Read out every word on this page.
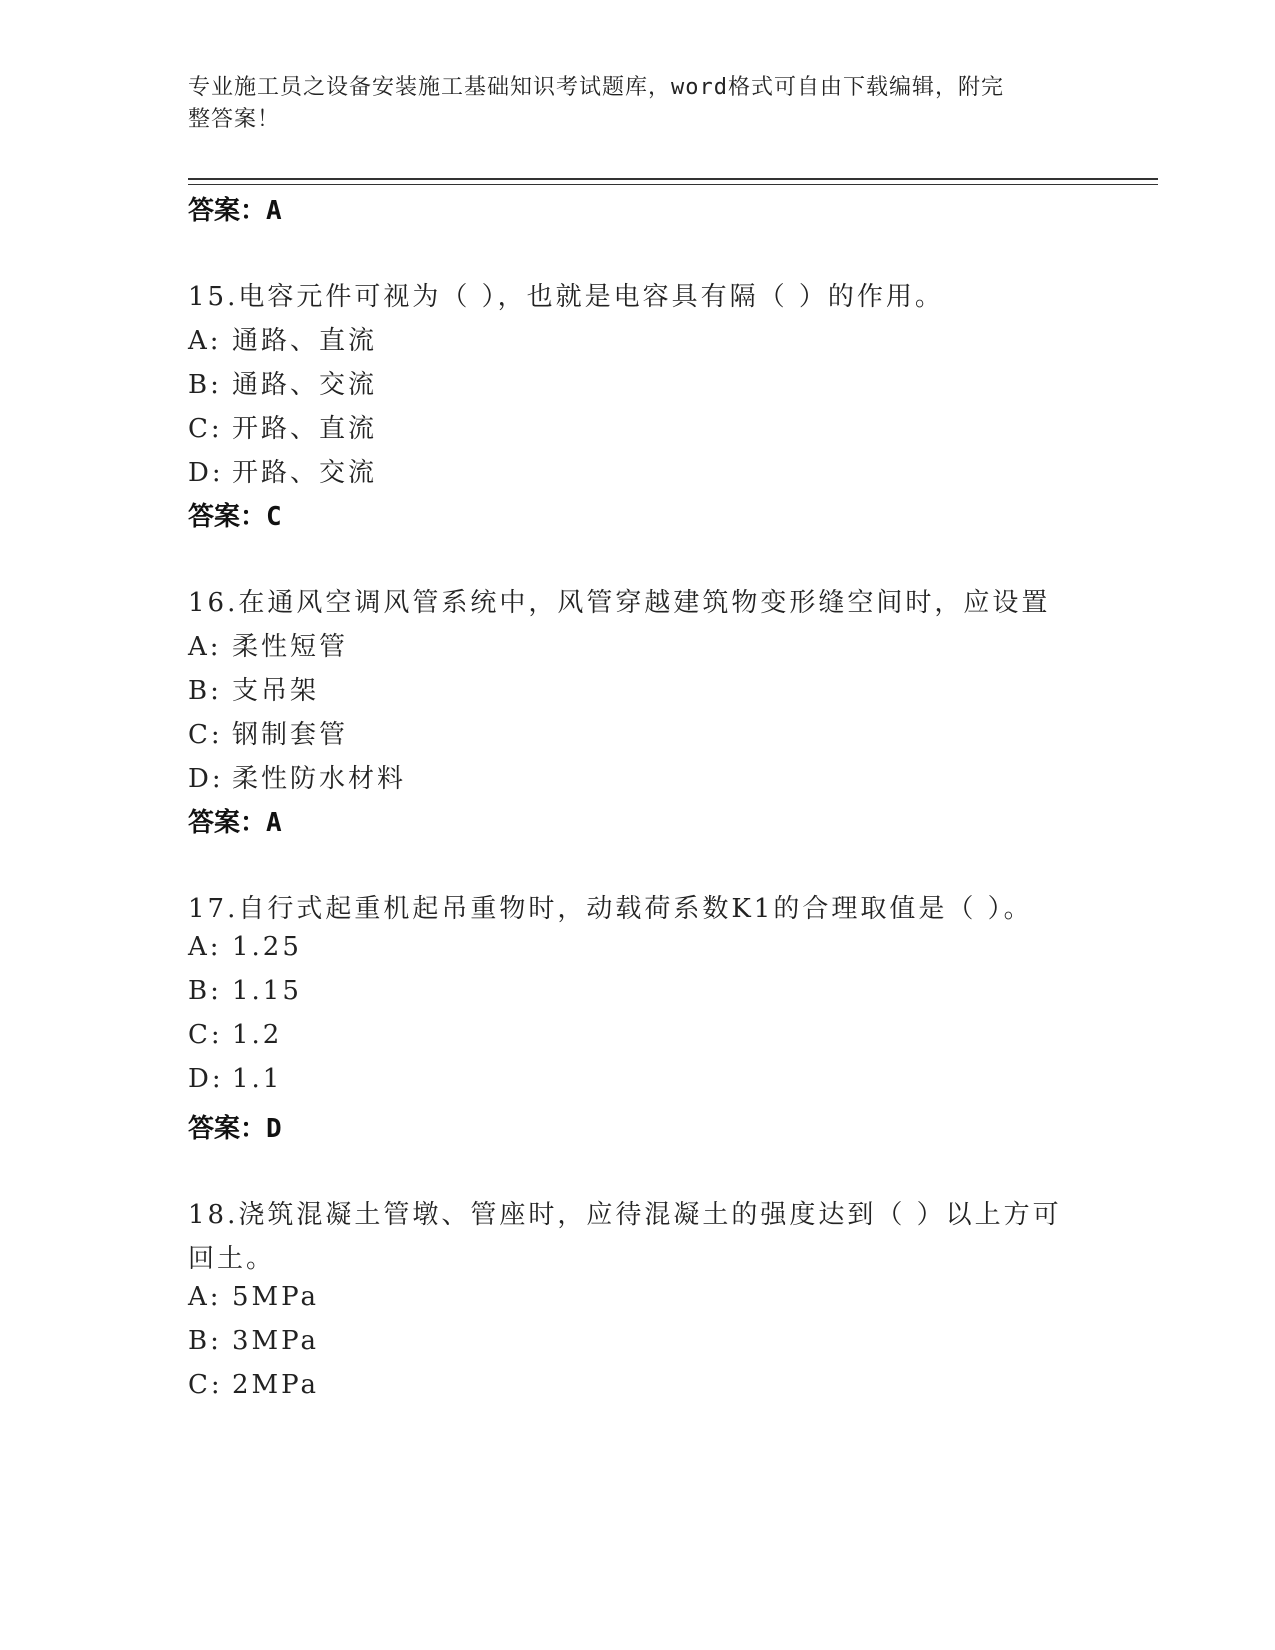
专业施工员之设备安装施工基础知识考试题库，word格式可自由下载编辑，附完
整答案！
答案：A
15.电容元件可视为（ ），也就是电容具有隔（ ）的作用。
A: 通路、直流
B: 通路、交流
C: 开路、直流
D: 开路、交流
答案：C
16.在通风空调风管系统中，风管穿越建筑物变形缝空间时，应设置
A: 柔性短管
B: 支吊架
C: 钢制套管
D: 柔性防水材料
答案：A
17.自行式起重机起吊重物时，动载荷系数K1的合理取值是（ ）。
A: 1.25
B: 1.15
C: 1.2
D: 1.1
答案：D
18.浇筑混凝土管墩、管座时，应待混凝土的强度达到（ ）以上方可
回土。
A: 5MPa
B: 3MPa
C: 2MPa
